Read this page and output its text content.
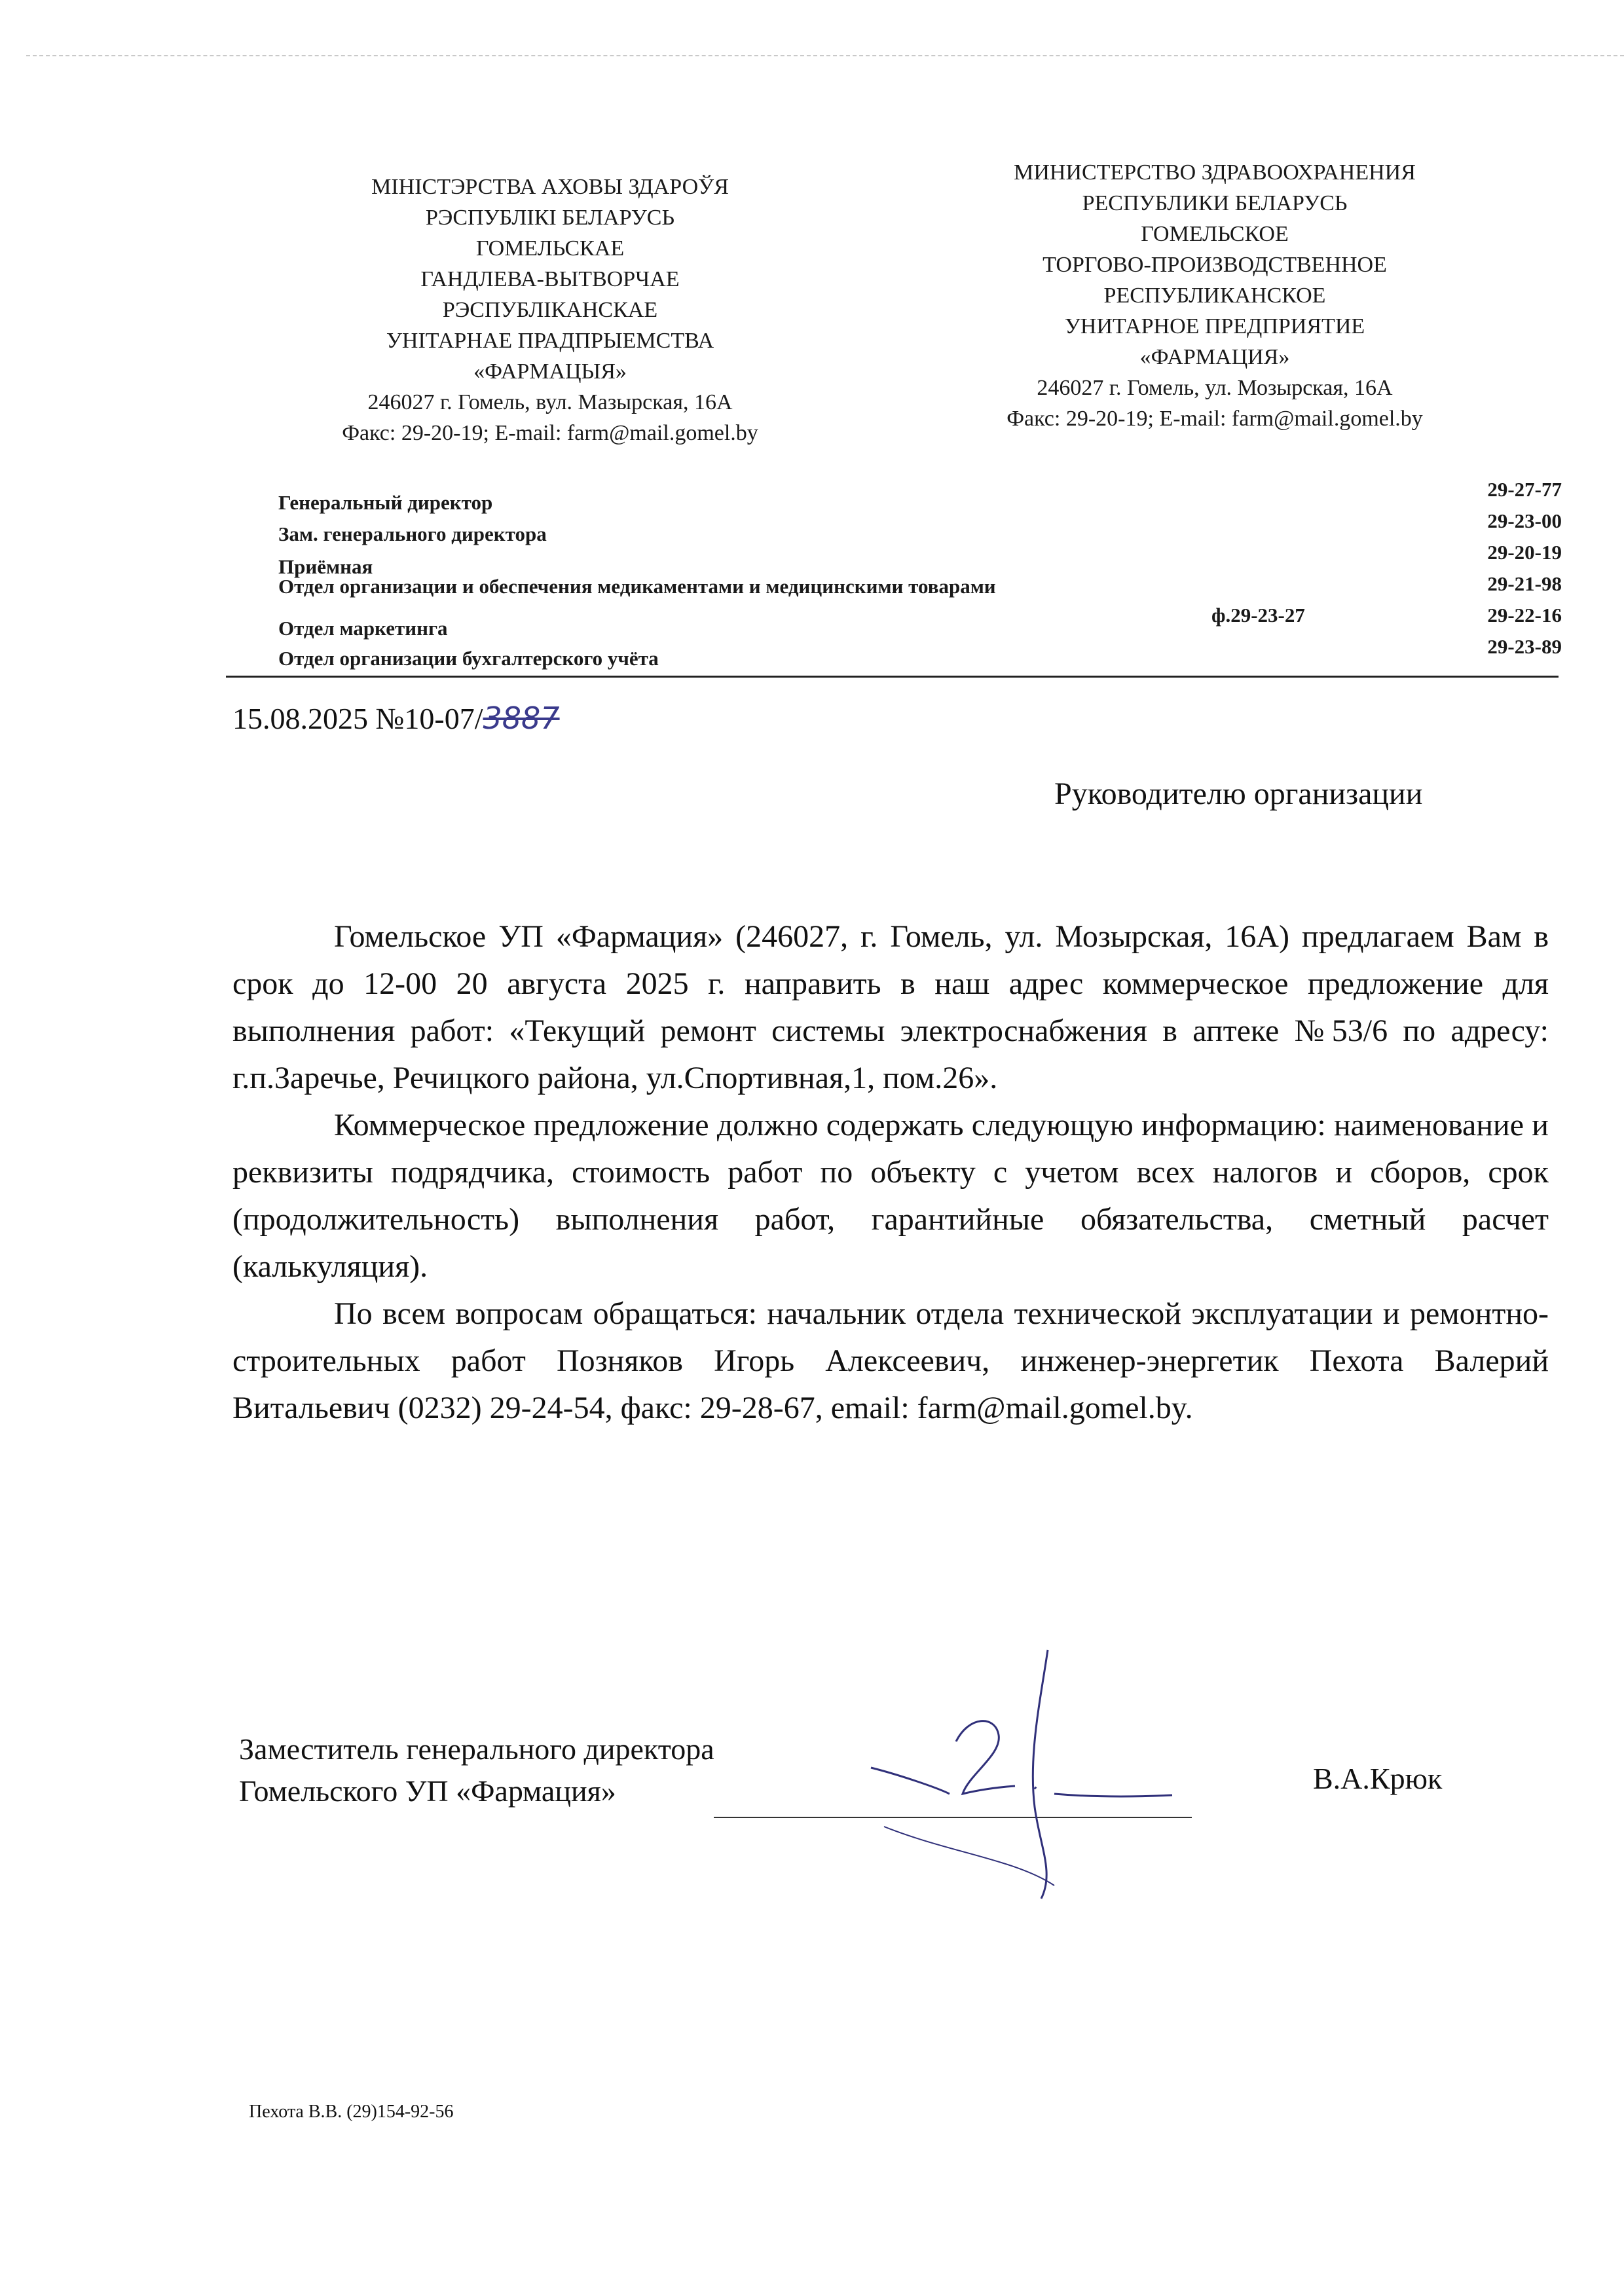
МІНІСТЭРСТВА АХОВЫ ЗДАРОЎЯ
РЭСПУБЛІКІ БЕЛАРУСЬ
ГОМЕЛЬСКАЕ
ГАНДЛЕВА-ВЫТВОРЧАЕ
РЭСПУБЛІКАНСКАЕ
УНІТАРНАЕ ПРАДПРЫЕМСТВА
«ФАРМАЦЫЯ»
246027 г. Гомель, вул. Мазырская, 16А
Факс: 29-20-19; E-mail: farm@mail.gomel.by
МИНИСТЕРСТВО ЗДРАВООХРАНЕНИЯ
РЕСПУБЛИКИ БЕЛАРУСЬ
ГОМЕЛЬСКОЕ
ТОРГОВО-ПРОИЗВОДСТВЕННОЕ
РЕСПУБЛИКАНСКОЕ
УНИТАРНОЕ ПРЕДПРИЯТИЕ
«ФАРМАЦИЯ»
246027 г. Гомель, ул. Мозырская, 16А
Факс: 29-20-19; E-mail: farm@mail.gomel.by
Генеральный директор
Зам. генерального директора
Приёмная
Отдел организации и обеспечения медикаментами и медицинскими товарами
Отдел маркетинга
Отдел организации бухгалтерского учёта
ф.29-23-27
29-27-77
29-23-00
29-20-19
29-21-98
29-22-16
29-23-89
15.08.2025 №10-07/3887
Руководителю организации

Гомельское УП «Фармация» (246027, г. Гомель, ул. Мозырская, 16А) предлагаем Вам в срок до 12-00 20 августа 2025 г. направить в наш адрес коммерческое предложение для выполнения работ: «Текущий ремонт системы электроснабжения в аптеке №53/6 по адресу: г.п.Заречье, Речицкого района, ул.Спортивная,1, пом.26».

Коммерческое предложение должно содержать следующую информацию: наименование и реквизиты подрядчика, стоимость работ по объекту с учетом всех налогов и сборов, срок (продолжительность) выполнения работ, гарантийные обязательства, сметный расчет (калькуляция).

По всем вопросам обращаться: начальник отдела технической эксплуатации и ремонтно-строительных работ Позняков Игорь Алексеевич, инженер-энергетик Пехота Валерий Витальевич (0232) 29-24-54, факс: 29-28-67, email: farm@mail.gomel.by.

Заместитель генерального директора
Гомельского УП «Фармация»	В.А.Крюк
Пехота В.В. (29)154-92-56
